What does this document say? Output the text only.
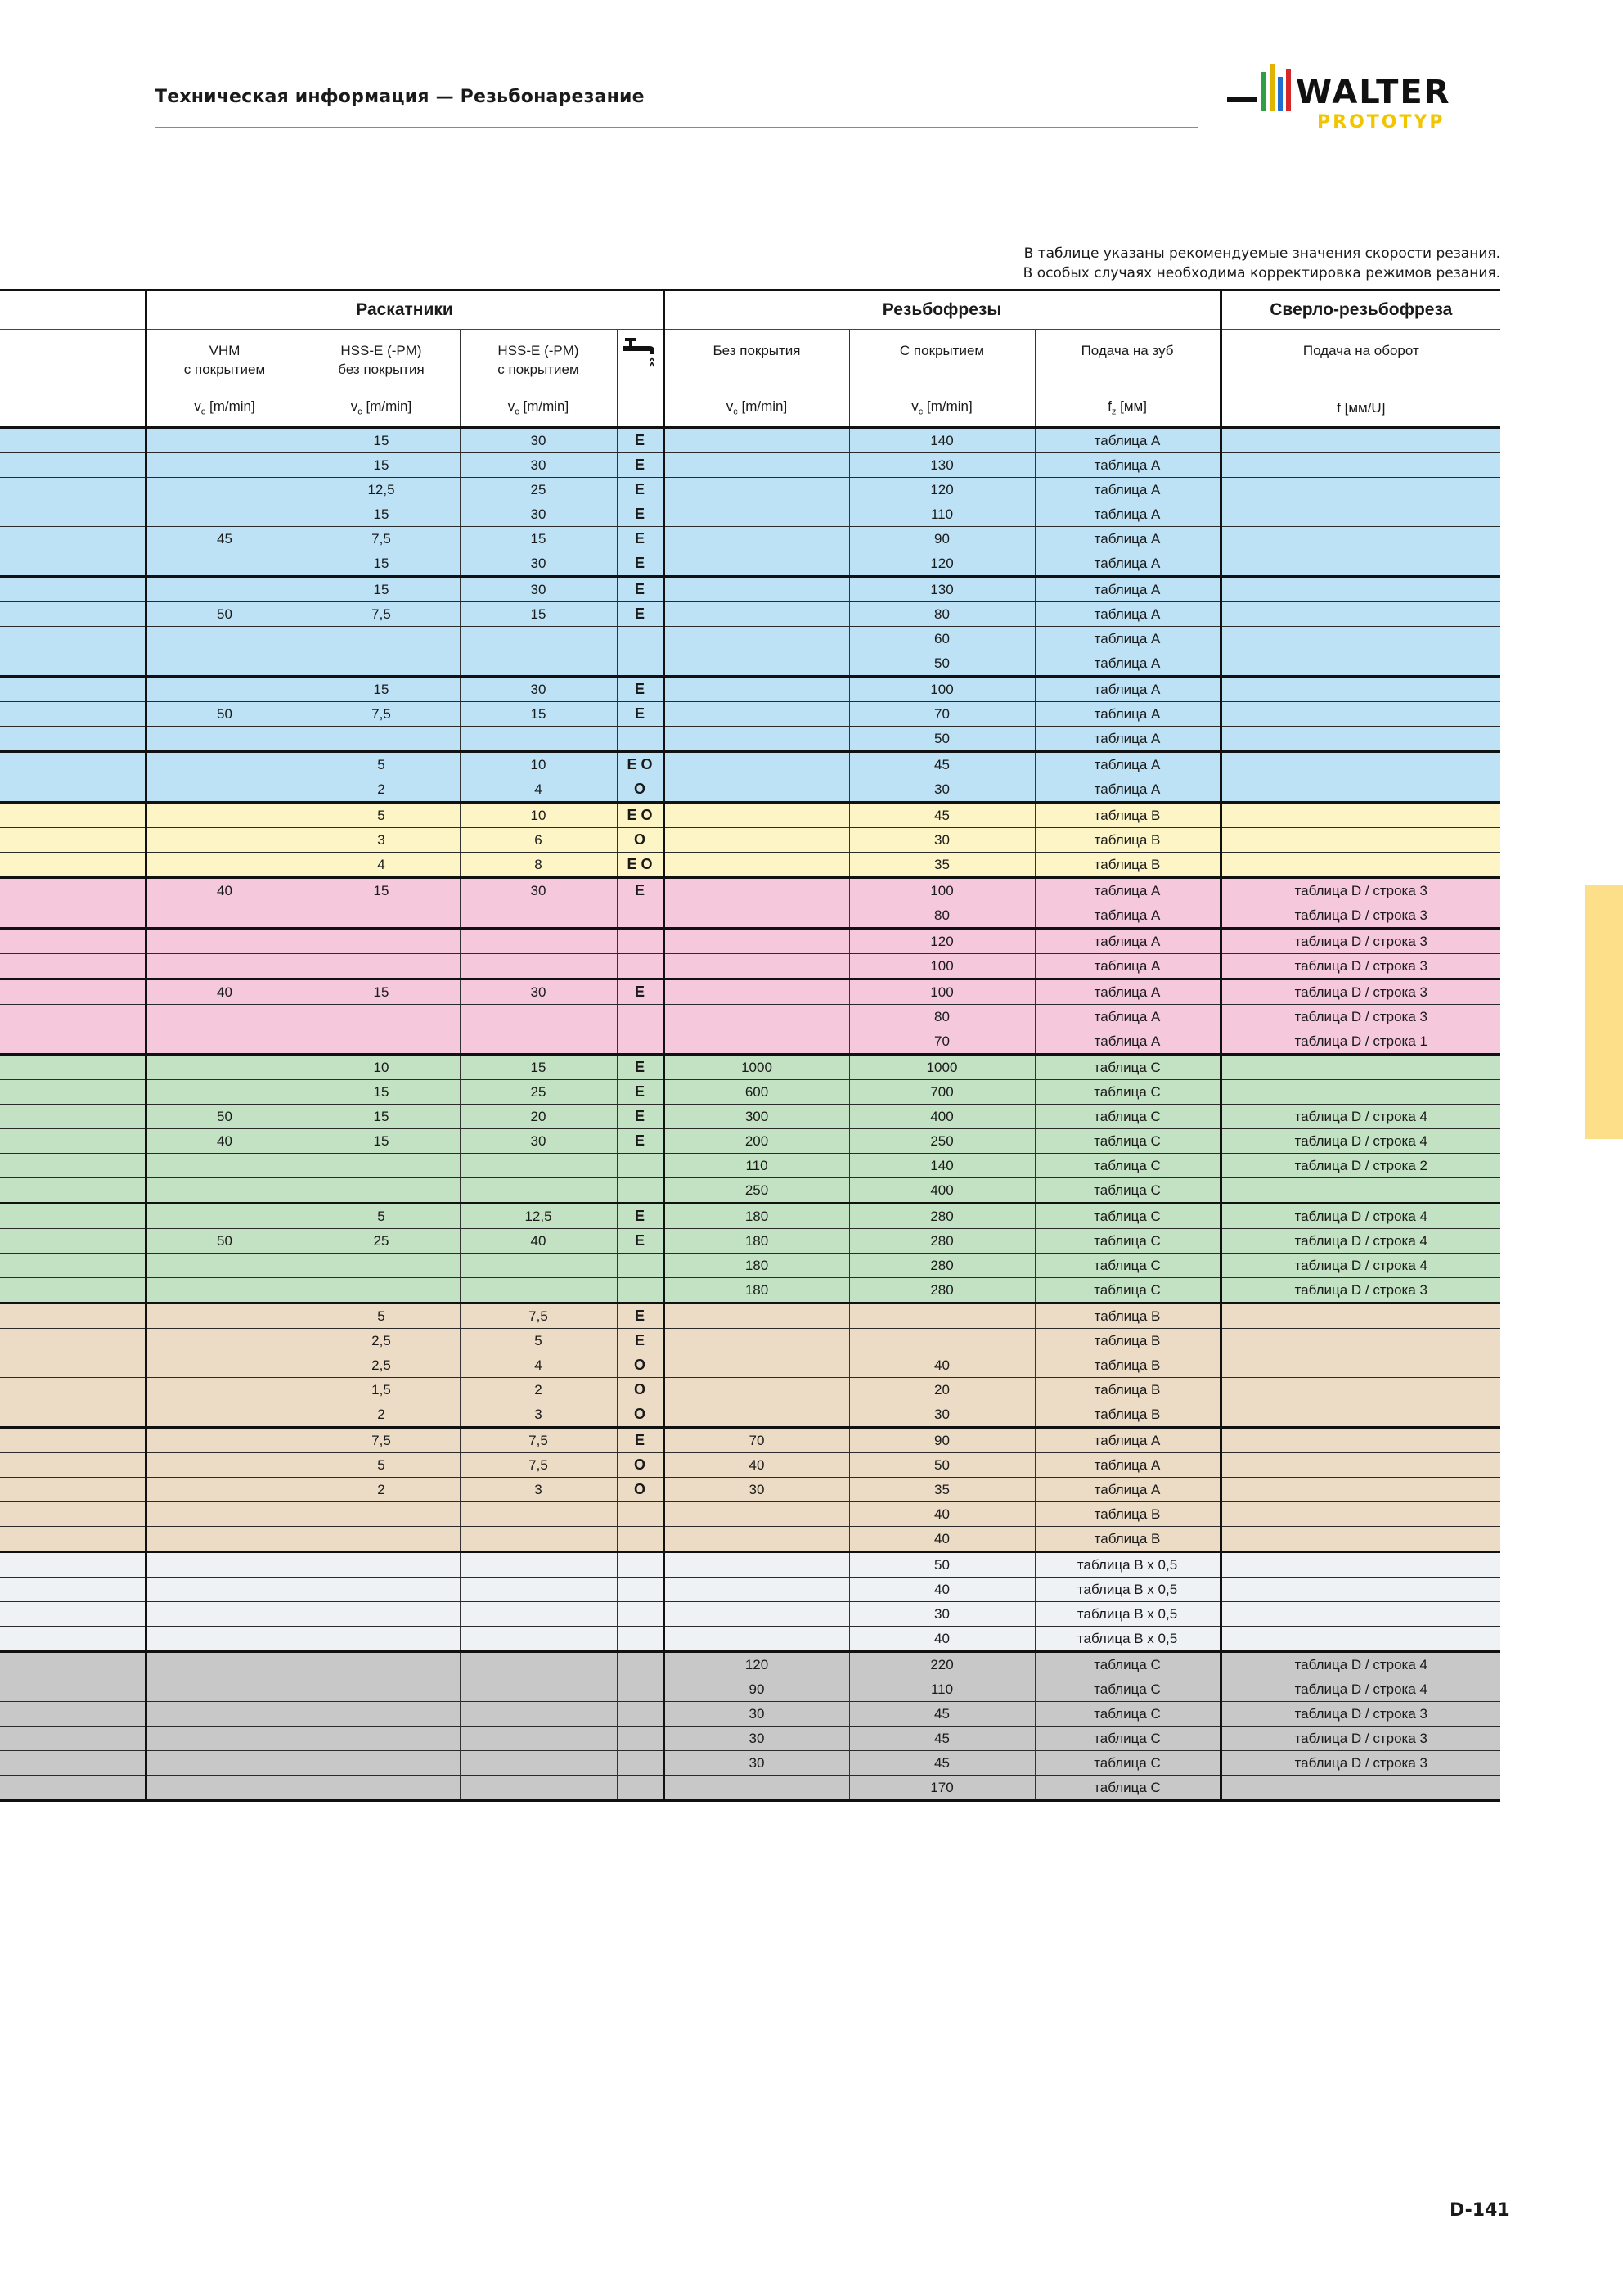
Техническая информация — Резьбонарезание	WALTER
PROTOTYP
В таблице указаны рекомендуемые значения скорости резания.
В особых случаях необходима корректировка режимов резания.
	Раскатники				Резьбофрезы			Сверло-резьбофреза
	VHM
с покрытием	HSS-E (-PM)
без покрытия	HSS-E (-PM)
с покрытием		Без покрытия	С покрытием	Подача на зуб	Подача на оборот
	$v_c$ [m/min]	$v_c$ [m/min]	$v_c$ [m/min]		$v_c$ [m/min]	$v_c$ [m/min]	$f_z$ [мм]	f [мм/U]
		15	30	E		140	таблица A	
		15	30	E		130	таблица A	
		12,5	25	E		120	таблица A	
		15	30	E		110	таблица A	
	45	7,5	15	E		90	таблица A	
		15	30	E		120	таблица A	
		15	30	E		130	таблица A	
	50	7,5	15	E		80	таблица A	
						60	таблица A	
						50	таблица A	
		15	30	E		100	таблица A	
	50	7,5	15	E		70	таблица A	
						50	таблица A	
		5	10	E O		45	таблица A	
		2	4	O		30	таблица A	
		5	10	E O		45	таблица B	
		3	6	O		30	таблица B	
		4	8	E O		35	таблица B	
	40	15	30	E		100	таблица A	таблица D / строка 3
						80	таблица A	таблица D / строка 3
						120	таблица A	таблица D / строка 3
						100	таблица A	таблица D / строка 3
	40	15	30	E		100	таблица A	таблица D / строка 3
						80	таблица A	таблица D / строка 3
						70	таблица A	таблица D / строка 1
		10	15	E	1000	1000	таблица C	
		15	25	E	600	700	таблица C	
	50	15	20	E	300	400	таблица C	таблица D / строка 4
	40	15	30	E	200	250	таблица C	таблица D / строка 4
					110	140	таблица C	таблица D / строка 2
					250	400	таблица C	
		5	12,5	E	180	280	таблица C	таблица D / строка 4
	50	25	40	E	180	280	таблица C	таблица D / строка 4
					180	280	таблица C	таблица D / строка 4
					180	280	таблица C	таблица D / строка 3
		5	7,5	E			таблица B	
		2,5	5	E			таблица B	
		2,5	4	O		40	таблица B	
		1,5	2	O		20	таблица B	
		2	3	O		30	таблица B	
		7,5	7,5	E	70	90	таблица A	
		5	7,5	O	40	50	таблица A	
		2	3	O	30	35	таблица A	
						40	таблица B	
						40	таблица B	
						50	таблица B x 0,5	
						40	таблица B x 0,5	
						30	таблица B x 0,5	
						40	таблица B x 0,5	
					120	220	таблица C	таблица D / строка 4
					90	110	таблица C	таблица D / строка 4
					30	45	таблица C	таблица D / строка 3
					30	45	таблица C	таблица D / строка 3
					30	45	таблица C	таблица D / строка 3
						170	таблица C	
D-141
